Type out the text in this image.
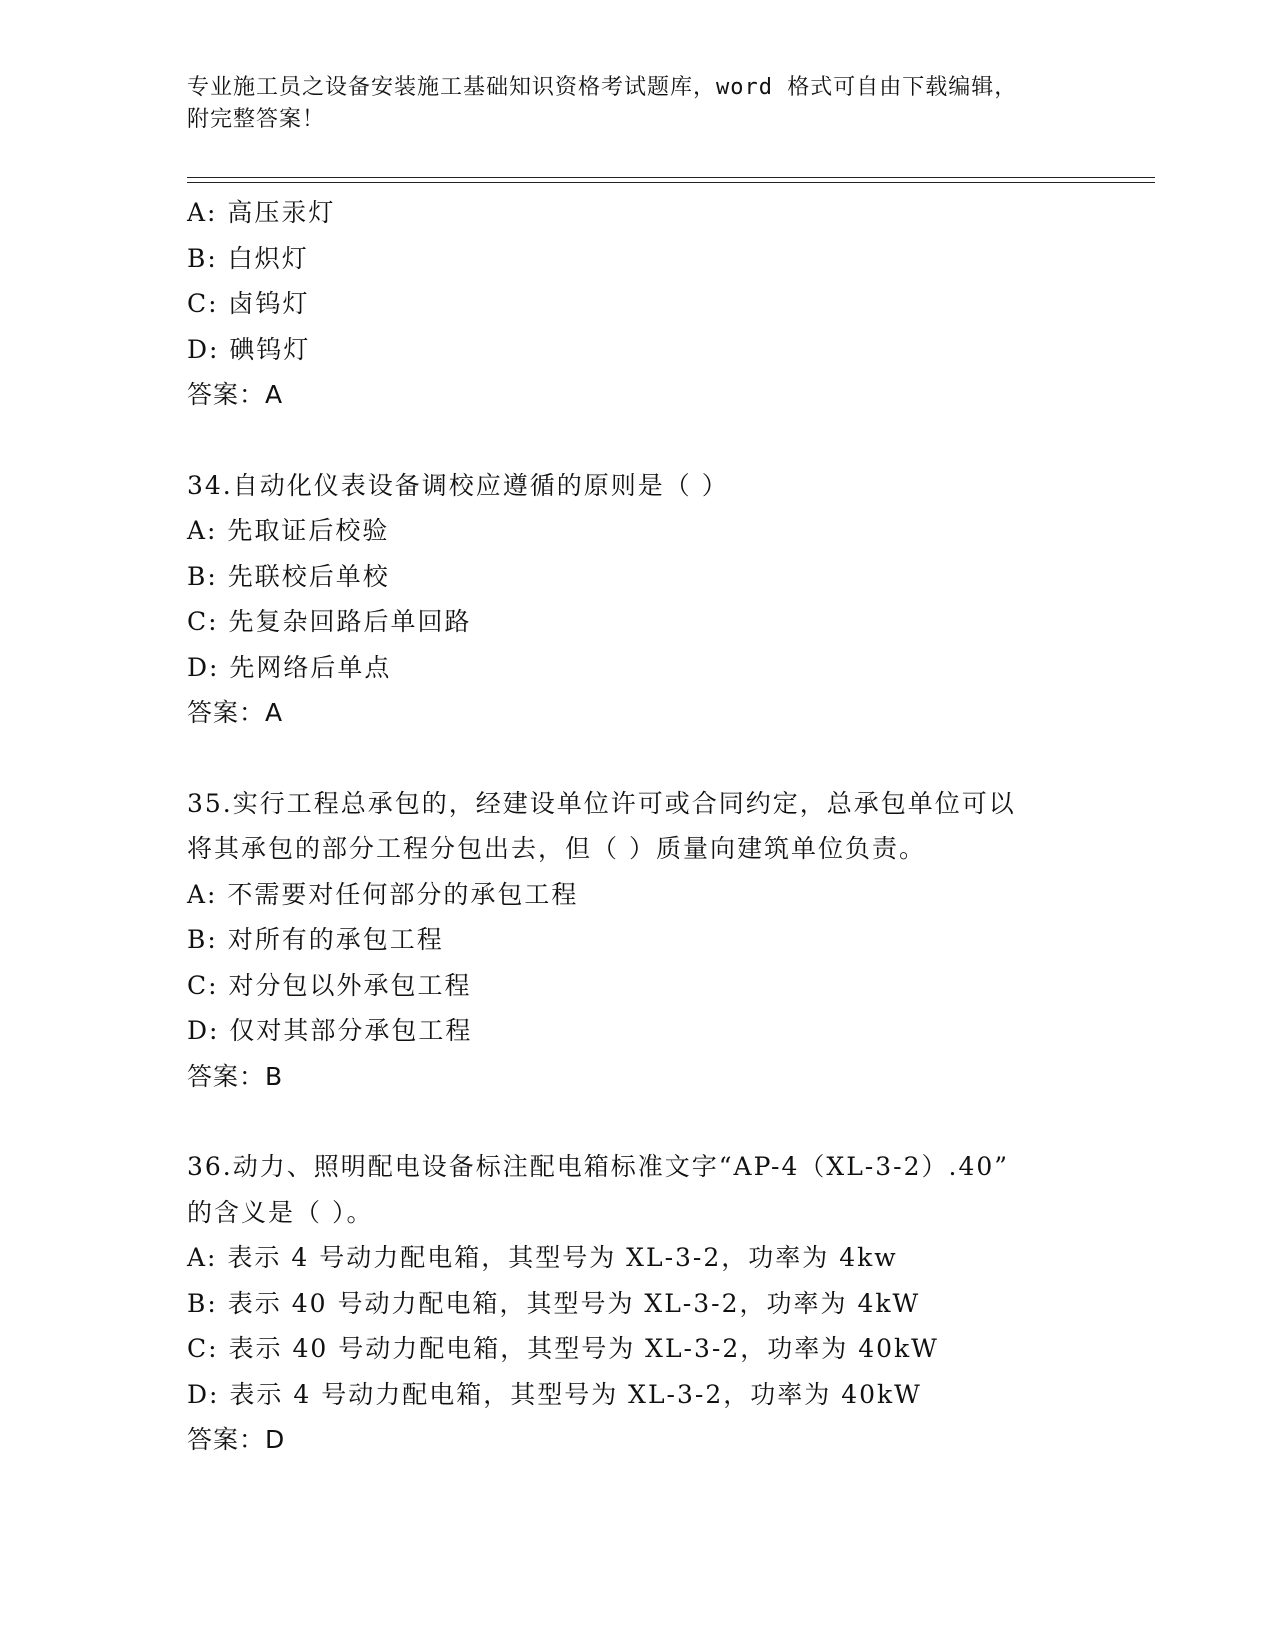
专业施工员之设备安装施工基础知识资格考试题库，word 格式可自由下载编辑，
附完整答案！
A: 高压汞灯
B: 白炽灯
C: 卤钨灯
D: 碘钨灯
答案：A
34.自动化仪表设备调校应遵循的原则是（ ）
A: 先取证后校验
B: 先联校后单校
C: 先复杂回路后单回路
D: 先网络后单点
答案：A
35.实行工程总承包的，经建设单位许可或合同约定，总承包单位可以
将其承包的部分工程分包出去，但（ ）质量向建筑单位负责。
A: 不需要对任何部分的承包工程
B: 对所有的承包工程
C: 对分包以外承包工程
D: 仅对其部分承包工程
答案：B
36.动力、照明配电设备标注配电箱标准文字“AP-4（XL-3-2）.40”
的含义是（ ）。
A: 表示 4 号动力配电箱，其型号为 XL-3-2，功率为 4kw
B: 表示 40 号动力配电箱，其型号为 XL-3-2，功率为 4kW
C: 表示 40 号动力配电箱，其型号为 XL-3-2，功率为 40kW
D: 表示 4 号动力配电箱，其型号为 XL-3-2，功率为 40kW
答案：D
